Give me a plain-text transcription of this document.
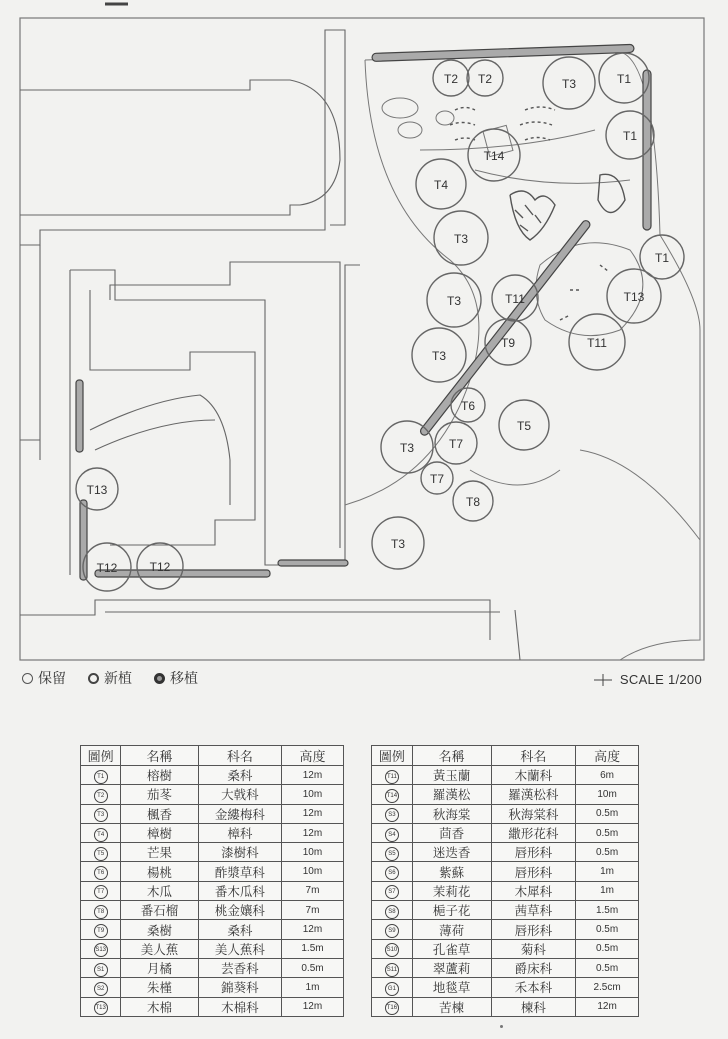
T2 T2	T1
T1
T14
T4
T3
T3
T3
T1
T13
T11
T9
T6
T3
T7
T7
T5
T8
T3
T3
T13
T12	T12
T11
保留	新植	移植	SCALE 1/200
圖例	名稱	科名	高度
T1	榕樹	桑科	12m
T2	茄苳	大戟科	10m
T3	楓香	金縷梅科	12m
T4	樟樹	樟科	12m
T5	芒果	漆樹科	10m
T6	楊桃	酢漿草科	10m
T7	木瓜	番木瓜科	7m
T8	番石榴	桃金孃科	7m
T9	桑樹	桑科	12m
S13	美人蕉	美人蕉科	1.5m
S1	月橘	芸香科	0.5m
S2	朱槿	錦葵科	1m
T13	木棉	木棉科	12m
圖例	名稱	科名	高度
T11	黃玉蘭	木蘭科	6m
T14	羅漢松	羅漢松科	10m
S3	秋海棠	秋海棠科	0.5m
S4	茴香	繖形花科	0.5m
S5	迷迭香	唇形科	0.5m
S6	紫蘇	唇形科	1m
S7	茉莉花	木犀科	1m
S8	梔子花	茜草科	1.5m
S9	薄荷	唇形科	0.5m
S10	孔雀草	菊科	0.5m
S11	翠蘆莉	爵床科	0.5m
G1	地毯草	禾本科	2.5cm
T16	苦楝	楝科	12m
